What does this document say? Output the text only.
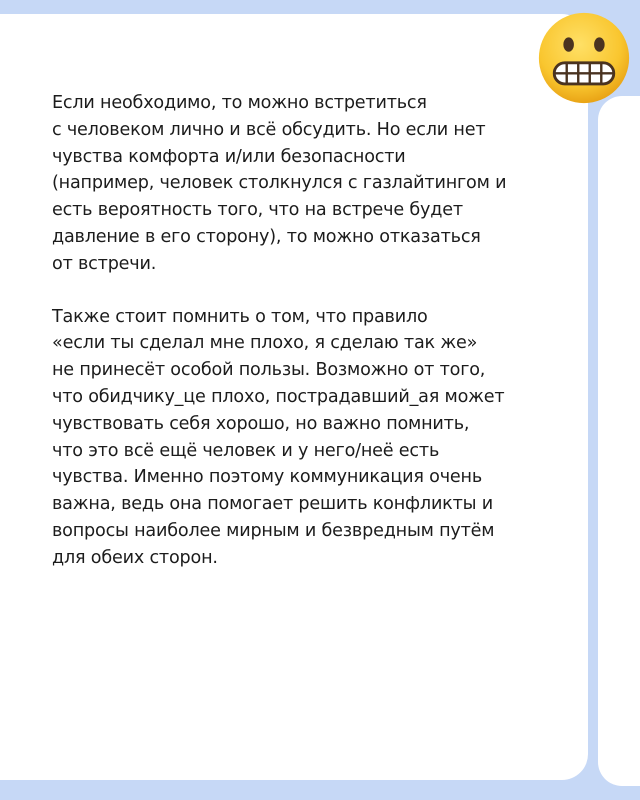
Если необходимо, то можно встретиться
с человеком лично и всё обсудить. Но если нет
чувства комфорта и/или безопасности
(например, человек столкнулся с газлайтингом и
есть вероятность того, что на встрече будет
давление в его сторону), то можно отказаться
от встречи.
Также стоит помнить о том, что правило
«если ты сделал мне плохо, я сделаю так же»
не принесёт особой пользы. Возможно от того,
что обидчику_це плохо, пострадавший_ая может
чувствовать себя хорошо, но важно помнить,
что это всё ещё человек и у него/неё есть
чувства. Именно поэтому коммуникация очень
важна, ведь она помогает решить конфликты и
вопросы наиболее мирным и безвредным путём
для обеих сторон.
